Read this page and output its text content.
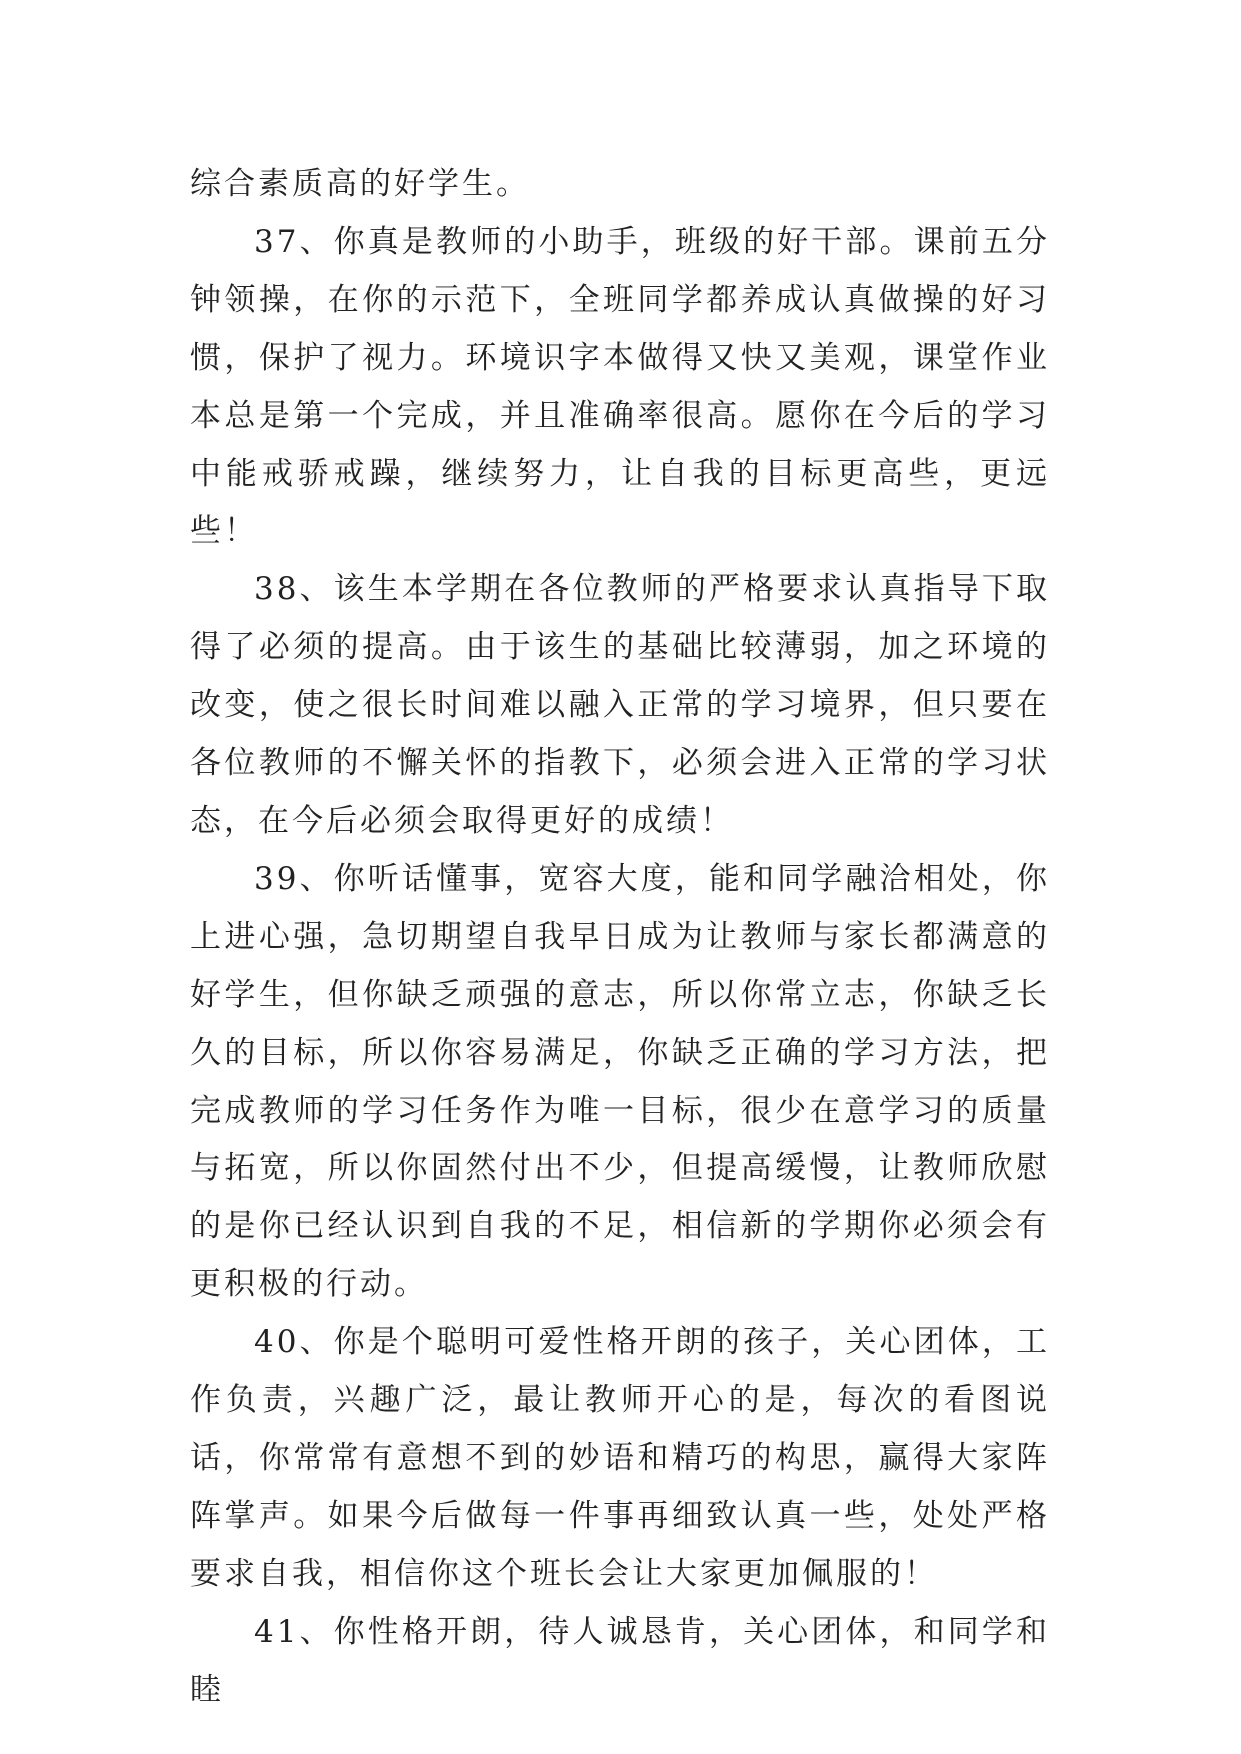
综合素质高的好学生。

37、你真是教师的小助手，班级的好干部。课前五分钟领操，在你的示范下，全班同学都养成认真做操的好习惯，保护了视力。环境识字本做得又快又美观，课堂作业本总是第一个完成，并且准确率很高。愿你在今后的学习中能戒骄戒躁，继续努力，让自我的目标更高些，更远些！

38、该生本学期在各位教师的严格要求认真指导下取得了必须的提高。由于该生的基础比较薄弱，加之环境的改变，使之很长时间难以融入正常的学习境界，但只要在各位教师的不懈关怀的指教下，必须会进入正常的学习状态，在今后必须会取得更好的成绩！

39、你听话懂事，宽容大度，能和同学融洽相处，你上进心强，急切期望自我早日成为让教师与家长都满意的好学生，但你缺乏顽强的意志，所以你常立志，你缺乏长久的目标，所以你容易满足，你缺乏正确的学习方法，把完成教师的学习任务作为唯一目标，很少在意学习的质量与拓宽，所以你固然付出不少，但提高缓慢，让教师欣慰的是你已经认识到自我的不足，相信新的学期你必须会有更积极的行动。

40、你是个聪明可爱性格开朗的孩子，关心团体，工作负责，兴趣广泛，最让教师开心的是，每次的看图说话，你常常有意想不到的妙语和精巧的构思，赢得大家阵阵掌声。如果今后做每一件事再细致认真一些，处处严格要求自我，相信你这个班长会让大家更加佩服的！

41、你性格开朗，待人诚恳肯，关心团体，和同学和睦
